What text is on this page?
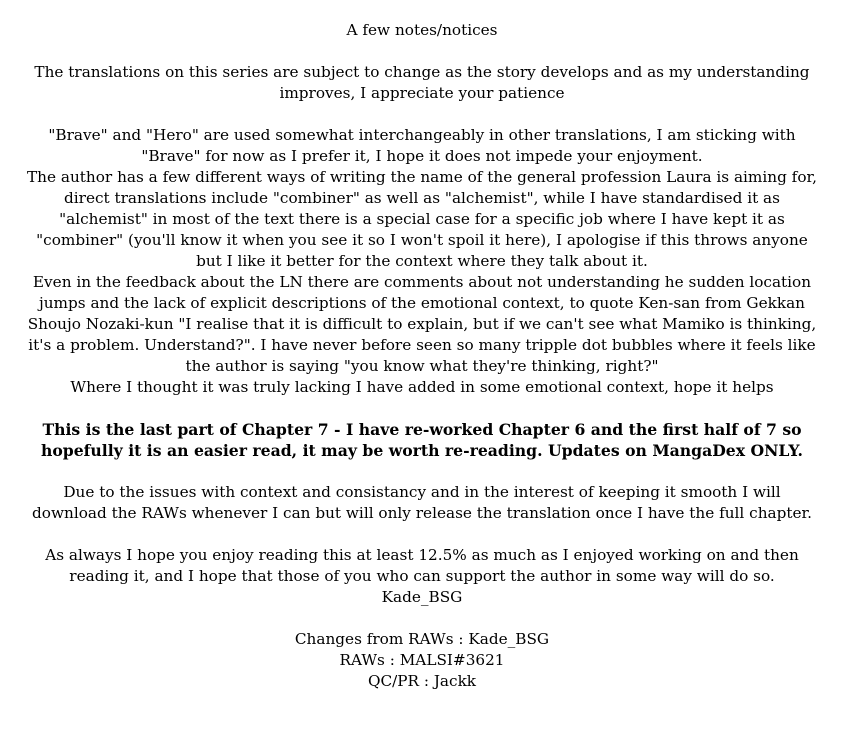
A few notes/notices
The translations on this series are subject to change as the story develops and as my understanding
improves, I appreciate your patience
"Brave" and "Hero" are used somewhat interchangeably in other translations, I am sticking with
"Brave" for now as I prefer it, I hope it does not impede your enjoyment.
The author has a few different ways of writing the name of the general profession Laura is aiming for,
direct translations include "combiner" as well as "alchemist", while I have standardised it as
"alchemist" in most of the text there is a special case for a specific job where I have kept it as
"combiner" (you'll know it when you see it so I won't spoil it here), I apologise if this throws anyone
but I like it better for the context where they talk about it.
Even in the feedback about the LN there are comments about not understanding he sudden location
jumps and the lack of explicit descriptions of the emotional context, to quote Ken-san from Gekkan
Shoujo Nozaki-kun "I realise that it is difficult to explain, but if we can't see what Mamiko is thinking,
it's a problem. Understand?". I have never before seen so many tripple dot bubbles where it feels like
the author is saying "you know what they're thinking, right?"
Where I thought it was truly lacking I have added in some emotional context, hope it helps
This is the last part of Chapter 7 - I have re-worked Chapter 6 and the first half of 7 so
hopefully it is an easier read, it may be worth re-reading. Updates on MangaDex ONLY.
Due to the issues with context and consistancy and in the interest of keeping it smooth I will
download the RAWs whenever I can but will only release the translation once I have the full chapter.
As always I hope you enjoy reading this at least 12.5% as much as I enjoyed working on and then
reading it, and I hope that those of you who can support the author in some way will do so.
Kade_BSG
Changes from RAWs : Kade_BSG
RAWs : MALSI#3621
QC/PR : Jackk
